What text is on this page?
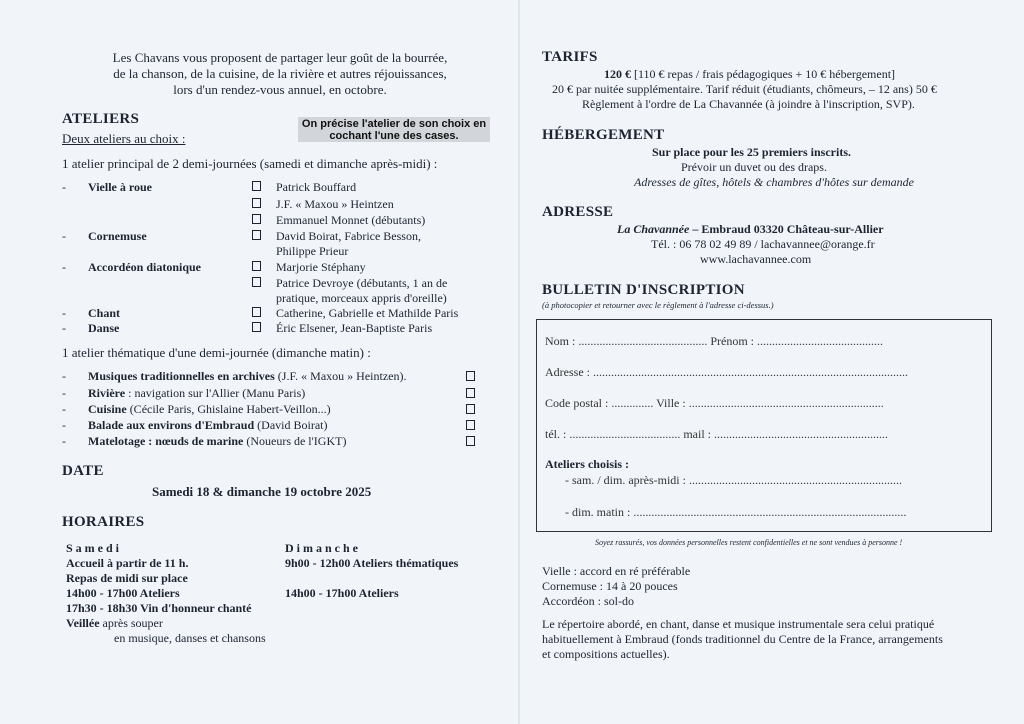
Les Chavans vous proposent de partager leur goût de la bourrée,
de la chanson, de la cuisine, de la rivière et autres réjouissances,
lors d'un rendez-vous annuel, en octobre.
ATELIERS
Deux ateliers au choix :
On précise l'atelier de son choix en cochant l'une des cases.
1 atelier principal de 2 demi-journées (samedi et dimanche après-midi) :
- Vielle à roue	Patrick Bouffard
J.F. « Maxou » Heintzen
Emmanuel Monnet (débutants)
- Cornemuse	David Boirat, Fabrice Besson,
Philippe Prieur
- Accordéon diatonique	Marjorie Stéphany
Patrice Devroye (débutants, 1 an de
pratique, morceaux appris d'oreille)
- Chant	Catherine, Gabrielle et Mathilde Paris
- Danse	Éric Elsener, Jean-Baptiste Paris
1 atelier thématique d'une demi-journée (dimanche matin) :
- Musiques traditionnelles en archives (J.F. « Maxou » Heintzen).
- Rivière : navigation sur l'Allier (Manu Paris)
- Cuisine (Cécile Paris, Ghislaine Habert-Veillon...)
- Balade aux environs d'Embraud (David Boirat)
- Matelotage : nœuds de marine (Noueurs de l'IGKT)
DATE
Samedi 18 & dimanche 19 octobre 2025
HORAIRES
Samedi
Accueil à partir de 11 h.
Repas de midi sur place
14h00 - 17h00 Ateliers
17h30 - 18h30 Vin d'honneur chanté
Veillée après souper
en musique, danses et chansons
Dimanche
9h00 - 12h00 Ateliers thématiques
14h00 - 17h00 Ateliers
TARIFS
120 € [110 € repas / frais pédagogiques + 10 € hébergement]
20 € par nuitée supplémentaire. Tarif réduit (étudiants, chômeurs, – 12 ans) 50 €
Règlement à l'ordre de La Chavannée (à joindre à l'inscription, SVP).
HÉBERGEMENT
Sur place pour les 25 premiers inscrits.
Prévoir un duvet ou des draps.
Adresses de gîtes, hôtels & chambres d'hôtes sur demande
ADRESSE
La Chavannée – Embraud 03320 Château-sur-Allier
Tél. : 06 78 02 49 89 / lachavannee@orange.fr
www.lachavannee.com
BULLETIN D'INSCRIPTION
(à photocopier et retourner avec le règlement à l'adresse ci-dessus.)
Nom : ........................................... Prénom : ..........................................
Adresse : .........................................................................................................
Code postal : .............. Ville : .................................................................
tél. : ..................................... mail : ..........................................................
Ateliers choisis :
- sam. / dim. après-midi : .......................................................................
- dim. matin : ...........................................................................................
Soyez rassurés, vos données personnelles restent confidentielles et ne sont vendues à personne !
Vielle : accord en ré préférable
Cornemuse : 14 à 20 pouces
Accordéon : sol-do
Le répertoire abordé, en chant, danse et musique instrumentale sera celui pratiqué
habituellement à Embraud (fonds traditionnel du Centre de la France, arrangements
et compositions actuelles).
